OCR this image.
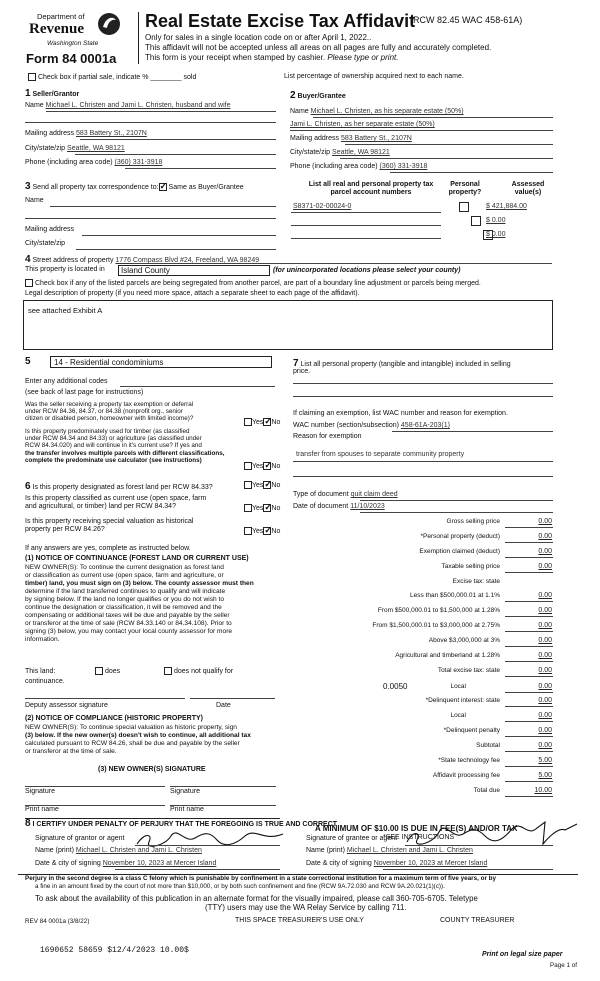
Department of
Revenue
Washington State
Form 84 0001a
Real Estate Excise Tax Affidavit
(RCW 82.45 WAC 458-61A)
Only for sales in a single location code on or after April 1, 2022..
This affidavit will not be accepted unless all areas on all pages are fully and accurately completed.
This form is your receipt when stamped by cashier. Please type or print.
Check box if partial sale, indicate % ________ sold	List percentage of ownership acquired next to each name.
1 Seller/Grantor
Name Michael L. Christen and Jami L. Christen, husband and wife
Mailing address 583 Battery St., 2107N
City/state/zip Seattle, WA 98121
Phone (including area code) (360) 331-3918
2 Buyer/Grantee
Name Michael L. Christen, as his separate estate (50%)
Jami L. Christen, as her separate estate (50%)
Mailing address 583 Battery St., 2107N
City/state/zip Seattle, WA 98121
Phone (including area code) (360) 331-3918
3 Send all property tax correspondence to: ✓ Same as Buyer/Grantee
Name
Mailing address
City/state/zip
List all real and personal property tax
parcel account numbers
Personal
property?
Assessed
value(s)
S8371-02-00024-0
	$ 421,884.00
$ 0.00
$ 0.00
4 Street address of property 1776 Compass Blvd #24, Freeland, WA 98249
This property is located in Island County	(for unincorporated locations please select your county)
Check box if any of the listed parcels are being segregated from another parcel, are part of a boundary line adjustment or parcels being merged.
Legal description of property (if you need more space, attach a separate sheet to each page of the affidavit).
see attached Exhibit A
5	14 - Residential condominiums
Enter any additional codes
(see back of last page for instructions)
Was the seller receiving a property tax exemption or deferral
under RCW 84.36, 84.37, or 84.38 (nonprofit org., senior
citizen or disabled person, homeowner with limited income)?	Yes ✓ No
Is this property predominately used for timber (as classified
under RCW 84.34 and 84.33) or agriculture (as classified under
RCW 84.34.020) and will continue in it's current use? If yes and
the transfer involves multiple parcels with different classifications,
complete the predominate use calculator (see instructions)
Yes ✓ No
6 Is this property designated as forest land per RCW 84.33?	Yes ✓ No
Is this property classified as current use (open space, farm
and agricultural, or timber) land per RCW 84.34?	Yes ✓ No
Is this property receiving special valuation as historical
property per RCW 84.26?	Yes ✓ No
If any answers are yes, complete as instructed below.
(1) NOTICE OF CONTINUANCE (FOREST LAND OR CURRENT USE)
NEW OWNER(S): To continue the current designation as forest land
or classification as current use (open space, farm and agriculture, or
timber) land, you must sign on (3) below. The county assessor must then
determine if the land transferred continues to qualify and will indicate
by signing below. If the land no longer qualifies or you do not wish to
continue the designation or classification, it will be removed and the
compensating or additional taxes will be due and payable by the seller
or transferor at the time of sale (RCW 84.33.140 or 84.34.108). Prior to
signing (3) below, you may contact your local county assessor for more
information.
This land:	does	does not qualify for
continuance.
Deputy assessor signature	Date
(2) NOTICE OF COMPLIANCE (HISTORIC PROPERTY)
NEW OWNER(S): To continue special valuation as historic property, sign
(3) below. If the new owner(s) doesn't wish to continue, all additional tax
calculated pursuant to RCW 84.26, shall be due and payable by the seller
or transferor at the time of sale.
(3) NEW OWNER(S) SIGNATURE
Signature	Signature
Print name	Print name
7 List all personal property (tangible and intangible) included in selling
price.
If claiming an exemption, list WAC number and reason for exemption.
WAC number (section/subsection) 458-61A-203(1)
Reason for exemption
transfer from spouses to separate community property
Type of document quit claim deed
Date of document 11/10/2023
Gross selling price	0.00
*Personal property (deduct)	0.00
Exemption claimed (deduct)	0.00
Taxable selling price	0.00
Excise tax: state
Less than $500,000.01 at 1.1%	0.00
From $500,000.01 to $1,500,000 at 1.28%	0.00
From $1,500,000.01 to $3,000,000 at 2.75%	0.00
Above $3,000,000 at 3%	0.00
Agricultural and timberland at 1.28%	0.00
Total excise tax: state	0.00
Local
0.0050	0.00
*Delinquent interest: state	0.00
Local	0.00
*Delinquent penalty	0.00
Subtotal	0.00
*State technology fee	5.00
Affidavit processing fee	5.00
Total due	10.00
A MINIMUM OF $10.00 IS DUE IN FEE(S) AND/OR TAX
*SEE INSTRUCTIONS
8 I CERTIFY UNDER PENALTY OF PERJURY THAT THE FOREGOING IS TRUE AND CORRECT
Signature of grantor or agent
Name (print) Michael L. Christen and Jami L. Christen
Date & city of signing November 10, 2023 at Mercer Island
Signature of grantee or agent
Name (print) Michael L. Christen and Jami L. Christen
Date & city of signing November 10, 2023 at Mercer Island
Perjury in the second degree is a class C felony which is punishable by confinement in a state correctional institution for a maximum term of five years, or by
a fine in an amount fixed by the court of not more than $10,000, or by both such confinement and fine (RCW 9A.72.030 and RCW 9A.20.021(1)(c)).
To ask about the availability of this publication in an alternate format for the visually impaired, please call 360-705-6705. Teletype
(TTY) users may use the WA Relay Service by calling 711.
REV 84 0001a (3/8/22)	THIS SPACE TREASURER'S USE ONLY	COUNTY TREASURER
1690652 58659 $12/4/2023 10.00$	Print on legal size paper
Page 1 of
